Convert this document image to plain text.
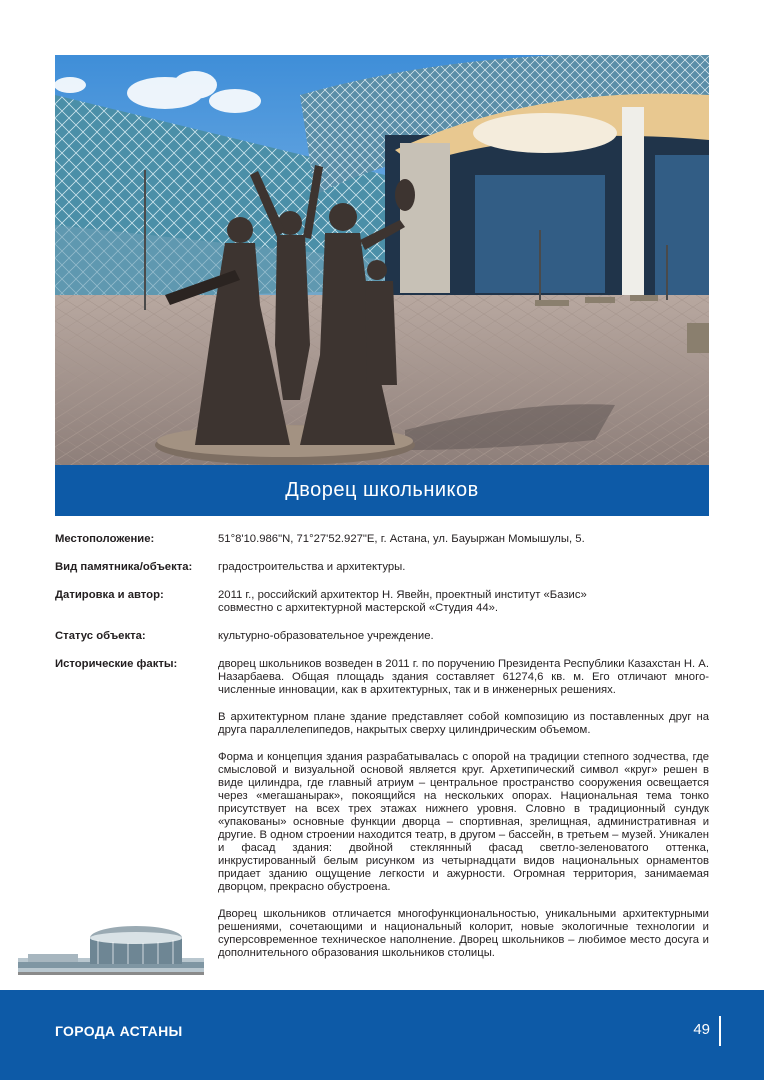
Дворец школьников
Местоположение:	51°8'10.986"N, 71°27'52.927"E, г. Астана, ул. Бауыржан Момышулы, 5.
Вид памятника/объекта:	градостроительства и архитектуры.
Датировка и автор:	2011 г., российский архитектор Н. Явейн, проектный институт «Базис» совместно с архитектурной мастерской «Студия 44».
Статус объекта:	культурно-образовательное учреждение.
Исторические факты:	дворец школьников возведен в 2011 г. по поручению Президента Республики Казахстан Н. А. Назарбаева. Общая площадь здания составляет 61274,6 кв. м. Его отличают многочисленные инновации, как в архитектурных, так и в инженерных решениях.

В архитектурном плане здание представляет собой композицию из поставленных друг на друга параллелепипедов, накрытых сверху цилиндрическим объемом.

Форма и концепция здания разрабатывалась с опорой на традиции степного зодчества, где смысловой и визуальной основой является круг. Архетипический символ «круг» решен в виде цилиндра, где главный атриум – центральное пространство сооружения освещается через «мегашанырак», покоящийся на нескольких опорах. Национальная тема тонко присутствует на всех трех этажах нижнего уровня. Словно в традиционный сундук «упакованы» основные функции дворца – спортивная, зрелищная, административная и другие. В одном строении находится театр, в другом – бассейн, в третьем – музей. Уникален и фасад здания: двойной стеклянный фасад светло-зеленоватого оттенка, инкрустированный белым рисунком из четырнадцати видов национальных орнаментов придает зданию ощущение легкости и ажурности. Огромная территория, занимаемая дворцом, прекрасно обустроена.

Дворец школьников отличается многофункциональностью, уникальными архитектурными решениями, сочетающими и национальный колорит, новые экологичные технологии и суперсовременное техническое наполнение. Дворец школьников – любимое место досуга и дополнительного образования школьников столицы.

ГОРОДА АСТАНЫ	49
